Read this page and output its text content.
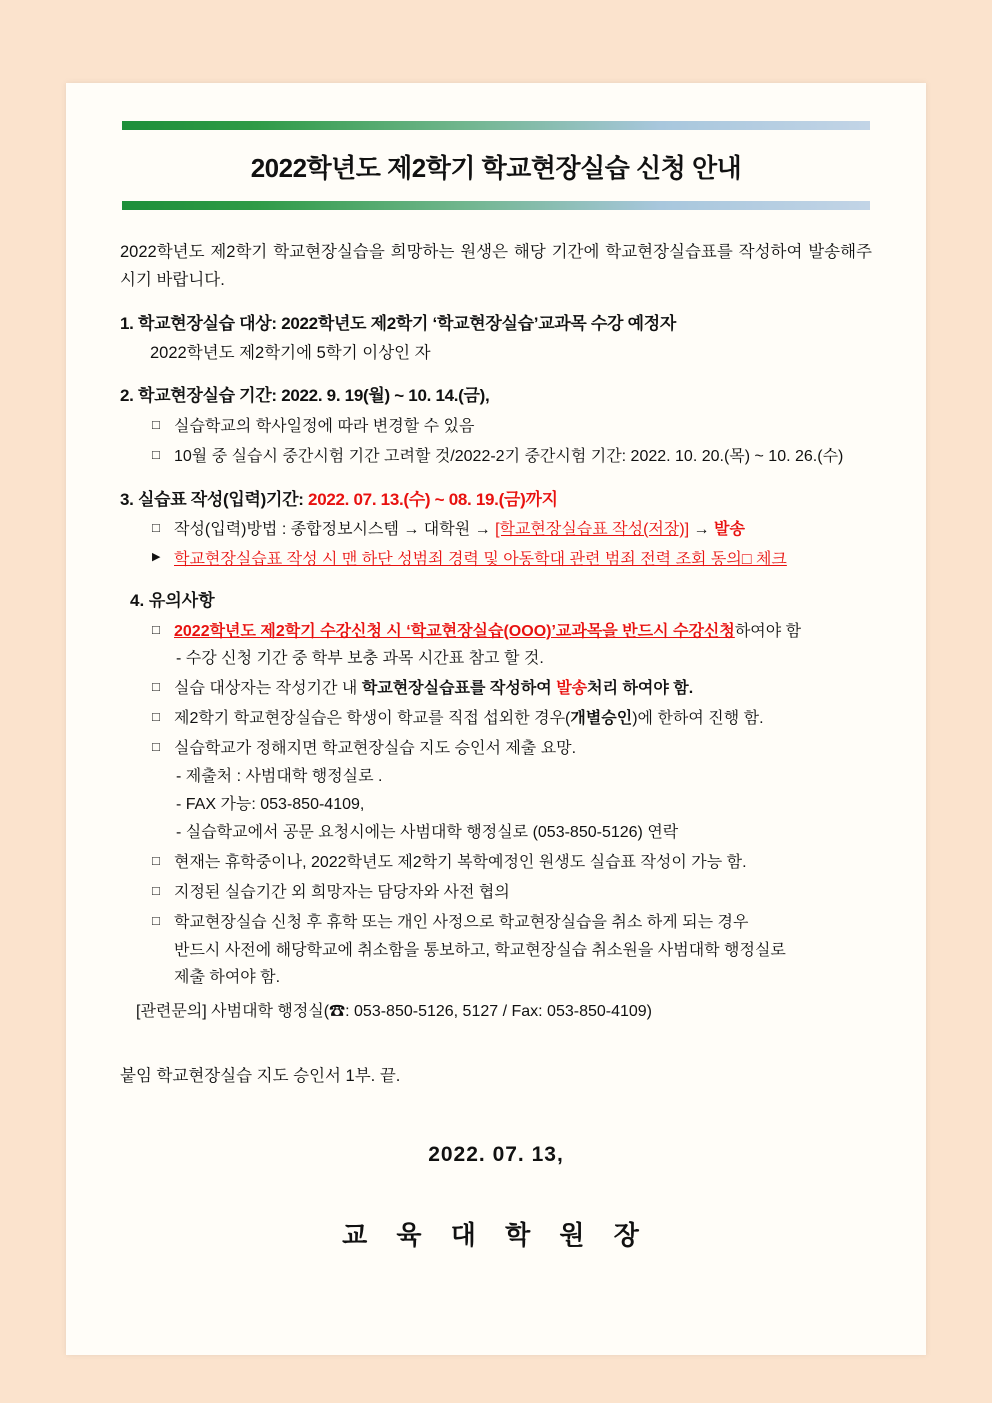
2022학년도 제2학기 학교현장실습 신청 안내
2022학년도 제2학기 학교현장실습을 희망하는 원생은 해당 기간에 학교현장실습표를 작성하여 발송해주시기 바랍니다.
1. 학교현장실습 대상: 2022학년도 제2학기 ‘학교현장실습’교과목 수강 예정자
2022학년도 제2학기에 5학기 이상인 자
2. 학교현장실습 기간: 2022. 9. 19(월) ~ 10. 14.(금),
□ 실습학교의 학사일정에 따라 변경할 수 있음
□ 10월 중 실습시 중간시험 기간 고려할 것/2022-2기 중간시험 기간: 2022. 10. 20.(목) ~ 10. 26.(수)
3. 실습표 작성(입력)기간: 2022. 07. 13.(수) ~ 08. 19.(금)까지
□ 작성(입력)방법 : 종합정보시스템 → 대학원 → [학교현장실습표 작성(저장)] → 발송
▶ 학교현장실습표 작성 시 맨 하단 성범죄 경력 및 아동학대 관련 범죄 전력 조회 동의□ 체크
4. 유의사항
□ 2022학년도 제2학기 수강신청 시 ‘학교현장실습(OOO)’교과목을 반드시 수강신청하여야 함
- 수강 신청 기간 중 학부 보충 과목 시간표 참고 할 것.
□ 실습 대상자는 작성기간 내 학교현장실습표를 작성하여 발송처리 하여야 함.
□ 제2학기 학교현장실습은 학생이 학교를 직접 섭외한 경우(개별승인)에 한하여 진행 함.
□ 실습학교가 정해지면 학교현장실습 지도 승인서 제출 요망.
- 제출처 : 사범대학 행정실로 .
- FAX 가능: 053-850-4109,
- 실습학교에서 공문 요청시에는 사범대학 행정실로 (053-850-5126) 연락
□ 현재는 휴학중이나, 2022학년도 제2학기 복학예정인 원생도 실습표 작성이 가능 함.
□ 지정된 실습기간 외 희망자는 담당자와 사전 협의
□ 학교현장실습 신청 후 휴학 또는 개인 사정으로 학교현장실습을 취소 하게 되는 경우
반드시 사전에 해당학교에 취소함을 통보하고, 학교현장실습 취소원을 사범대학 행정실로
제출 하여야 함.
[관련문의] 사범대학 행정실(☎: 053-850-5126, 5127 / Fax: 053-850-4109)
붙임 학교현장실습 지도 승인서 1부. 끝.
2022. 07. 13,
교 육 대 학 원 장
